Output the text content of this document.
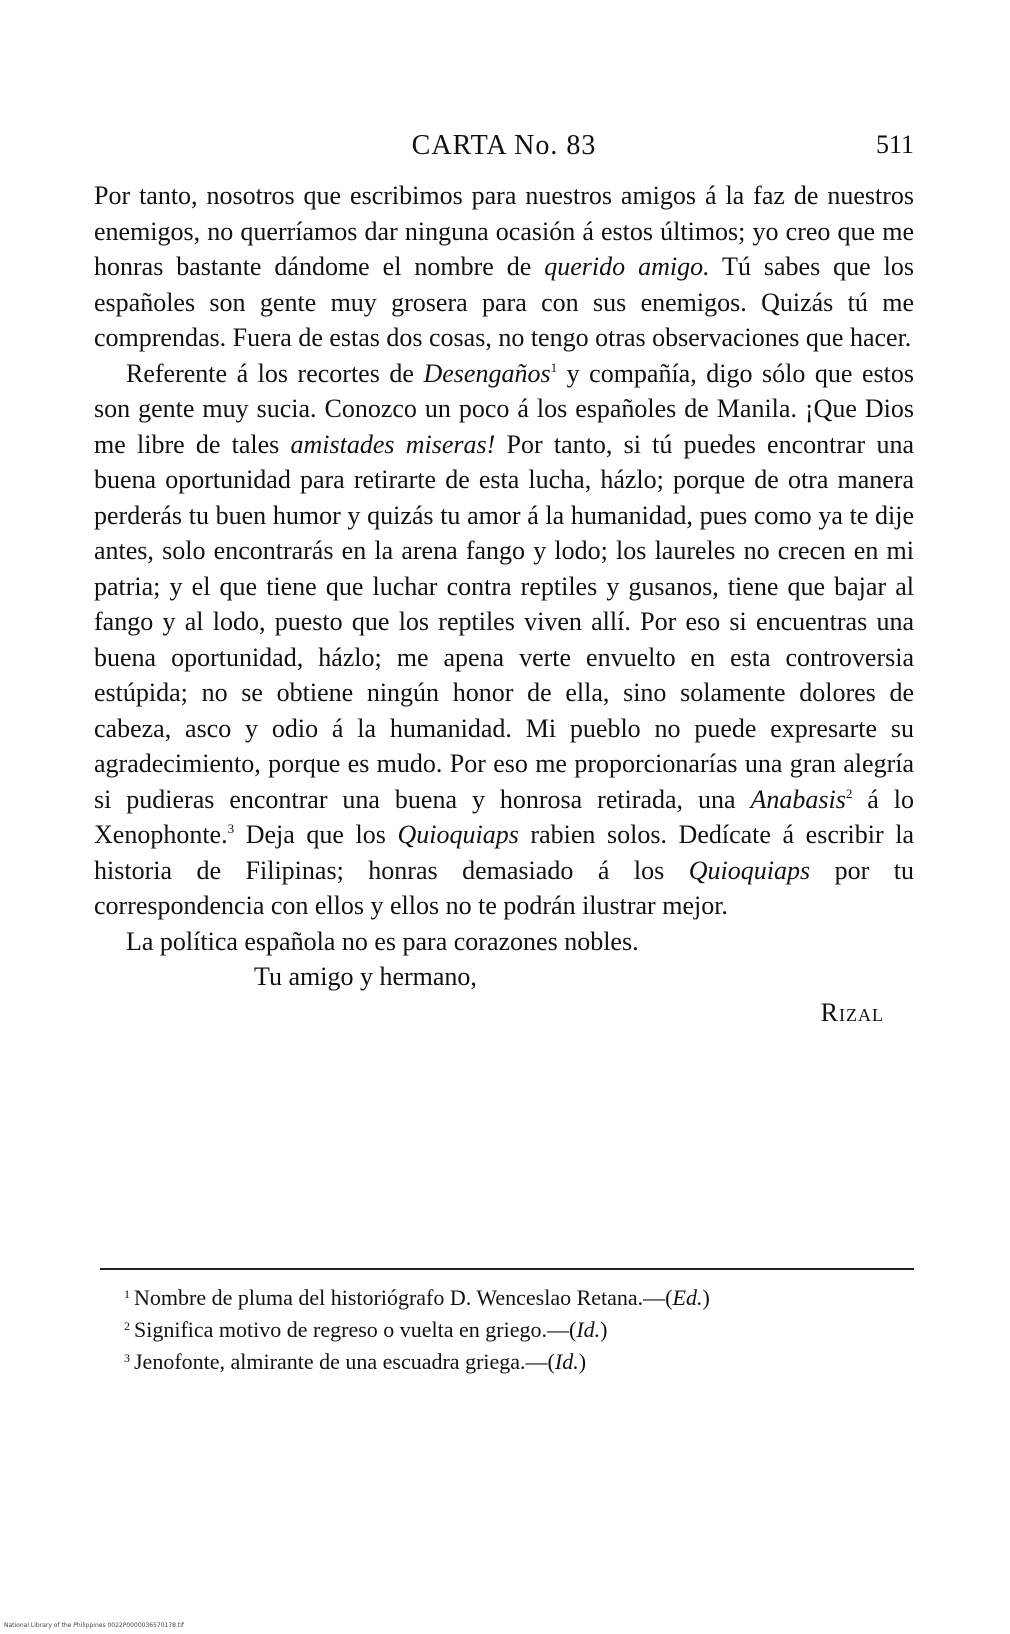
CARTA No. 83	511

Por tanto, nosotros que escribimos para nuestros amigos á la faz de nuestros enemigos, no querríamos dar ninguna ocasión á estos últimos; yo creo que me honras bastante dándome el nombre de querido amigo. Tú sabes que los españoles son gente muy grosera para con sus enemigos. Quizás tú me comprendas. Fuera de estas dos cosas, no tengo otras observaciones que hacer.

Referente á los recortes de Desengaños$^1$ y compañía, digo sólo que estos son gente muy sucia. Conozco un poco á los españoles de Manila. ¡Que Dios me libre de tales amistades miseras! Por tanto, si tú puedes encontrar una buena oportunidad para retirarte de esta lucha, házlo; porque de otra manera perderás tu buen humor y quizás tu amor á la humanidad, pues como ya te dije antes, solo encontrarás en la arena fango y lodo; los laureles no crecen en mi patria; y el que tiene que luchar contra reptiles y gusanos, tiene que bajar al fango y al lodo, puesto que los reptiles viven allí. Por eso si encuentras una buena oportunidad, házlo; me apena verte envuelto en esta controversia estúpida; no se obtiene ningún honor de ella, sino solamente dolores de cabeza, asco y odio á la humanidad. Mi pueblo no puede expresarte su agradecimiento, porque es mudo. Por eso me proporcionarías una gran alegría si pudieras encontrar una buena y honrosa retirada, una Anabasis$^2$ á lo Xenophonte.$^3$ Deja que los Quioquiaps rabien solos. Dedícate á escribir la historia de Filipinas; honras demasiado á los Quioquiaps por tu correspondencia con ellos y ellos no te podrán ilustrar mejor.

La política española no es para corazones nobles.

Tu amigo y hermano,

Rizal

$^1$ Nombre de pluma del historiógrafo D. Wenceslao Retana.—(Ed.)
$^2$ Significa motivo de regreso o vuelta en griego.—(Id.)
$^3$ Jenofonte, almirante de una escuadra griega.—(Id.)
National Library of the Philippines 0022P0000036570178.tif
